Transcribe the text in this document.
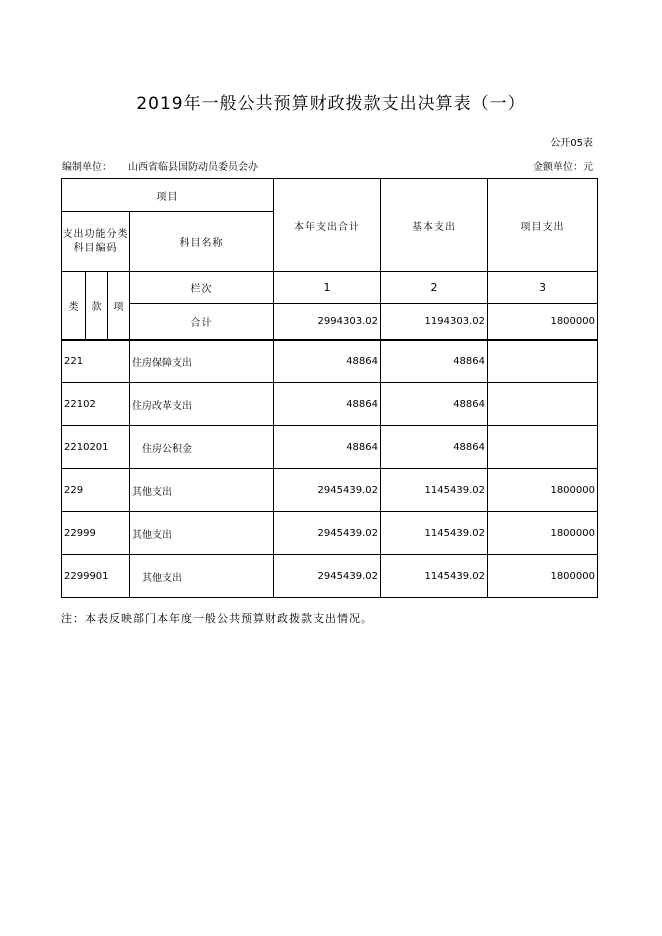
2019年一般公共预算财政拨款支出决算表（一）
公开05表
编制单位： 山西省临县国防动员委员会办	金额单位：元
项目				本年支出合计	基本支出	项目支出
支出功能分类科目编码			科目名称			
类	款	项	栏次	1	2	3
			合计	2994303.02	1194303.02	1800000
221			住房保障支出	48864	48864	
22102			住房改革支出	48864	48864	
2210201			住房公积金	48864	48864	
229			其他支出	2945439.02	1145439.02	1800000
22999			其他支出	2945439.02	1145439.02	1800000
2299901			其他支出	2945439.02	1145439.02	1800000
注：本表反映部门本年度一般公共预算财政拨款支出情况。
